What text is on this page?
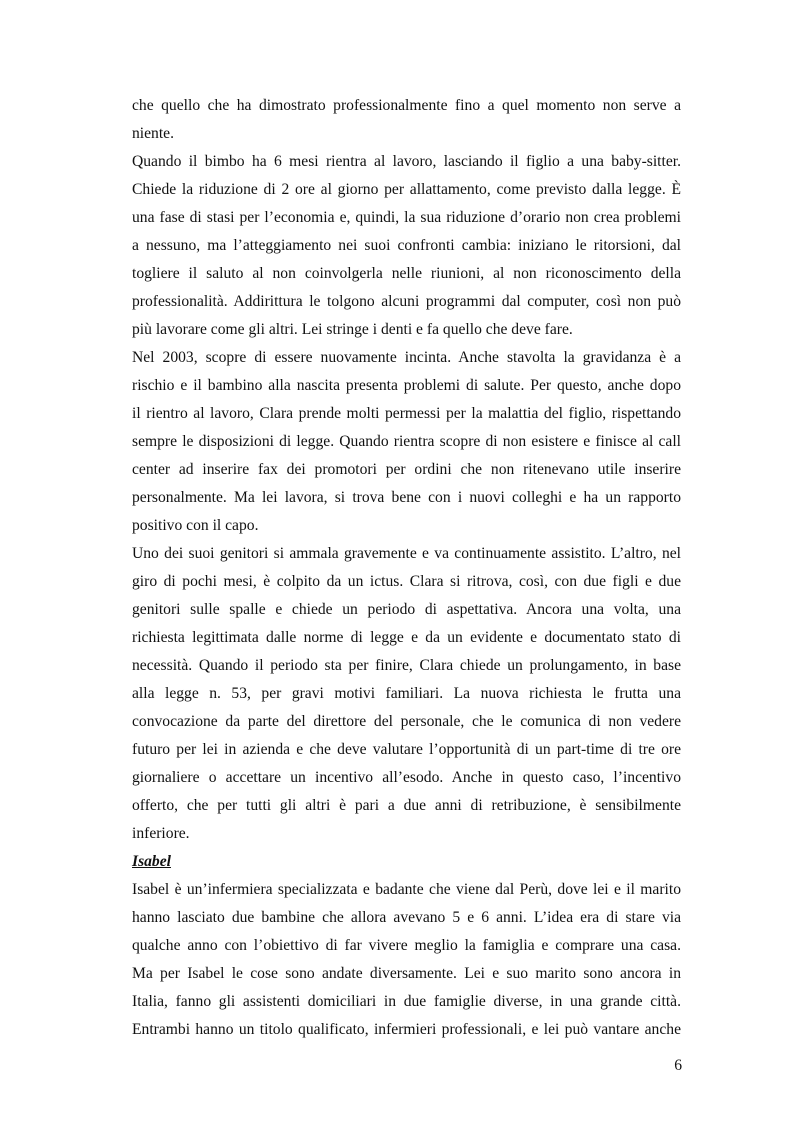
che quello che ha dimostrato professionalmente fino a quel momento non serve a
niente.
Quando il bimbo ha 6 mesi rientra al lavoro, lasciando il figlio a una baby-sitter.
Chiede la riduzione di 2 ore al giorno per allattamento, come previsto dalla legge. È
una fase di stasi per l’economia e, quindi, la sua riduzione d’orario non crea problemi
a nessuno, ma l’atteggiamento nei suoi confronti cambia: iniziano le ritorsioni, dal
togliere il saluto al non coinvolgerla nelle riunioni, al non riconoscimento della
professionalità. Addirittura le tolgono alcuni programmi dal computer, così non può
più lavorare come gli altri. Lei stringe i denti e fa quello che deve fare.
Nel 2003, scopre di essere nuovamente incinta. Anche stavolta la gravidanza è a
rischio e il bambino alla nascita presenta problemi di salute. Per questo, anche dopo
il rientro al lavoro, Clara prende molti permessi per la malattia del figlio, rispettando
sempre le disposizioni di legge. Quando rientra scopre di non esistere e finisce al call
center ad inserire fax dei promotori per ordini che non ritenevano utile inserire
personalmente. Ma lei lavora, si trova bene con i nuovi colleghi e ha un rapporto
positivo con il capo.
Uno dei suoi genitori si ammala gravemente e va continuamente assistito. L’altro, nel
giro di pochi mesi, è colpito da un ictus. Clara si ritrova, così, con due figli e due
genitori sulle spalle e chiede un periodo di aspettativa. Ancora una volta, una
richiesta legittimata dalle norme di legge e da un evidente e documentato stato di
necessità. Quando il periodo sta per finire, Clara chiede un prolungamento, in base
alla legge n. 53, per gravi motivi familiari. La nuova richiesta le frutta una
convocazione da parte del direttore del personale, che le comunica di non vedere
futuro per lei in azienda e che deve valutare l’opportunità di un part-time di tre ore
giornaliere o accettare un incentivo all’esodo. Anche in questo caso, l’incentivo
offerto, che per tutti gli altri è pari a due anni di retribuzione, è sensibilmente
inferiore.
Isabel
Isabel è un’infermiera specializzata e badante che viene dal Perù, dove lei e il marito
hanno lasciato due bambine che allora avevano 5 e 6 anni. L’idea era di stare via
qualche anno con l’obiettivo di far vivere meglio la famiglia e comprare una casa.
Ma per Isabel le cose sono andate diversamente. Lei e suo marito sono ancora in
Italia, fanno gli assistenti domiciliari in due famiglie diverse, in una grande città.
Entrambi hanno un titolo qualificato, infermieri professionali, e lei può vantare anche
6
